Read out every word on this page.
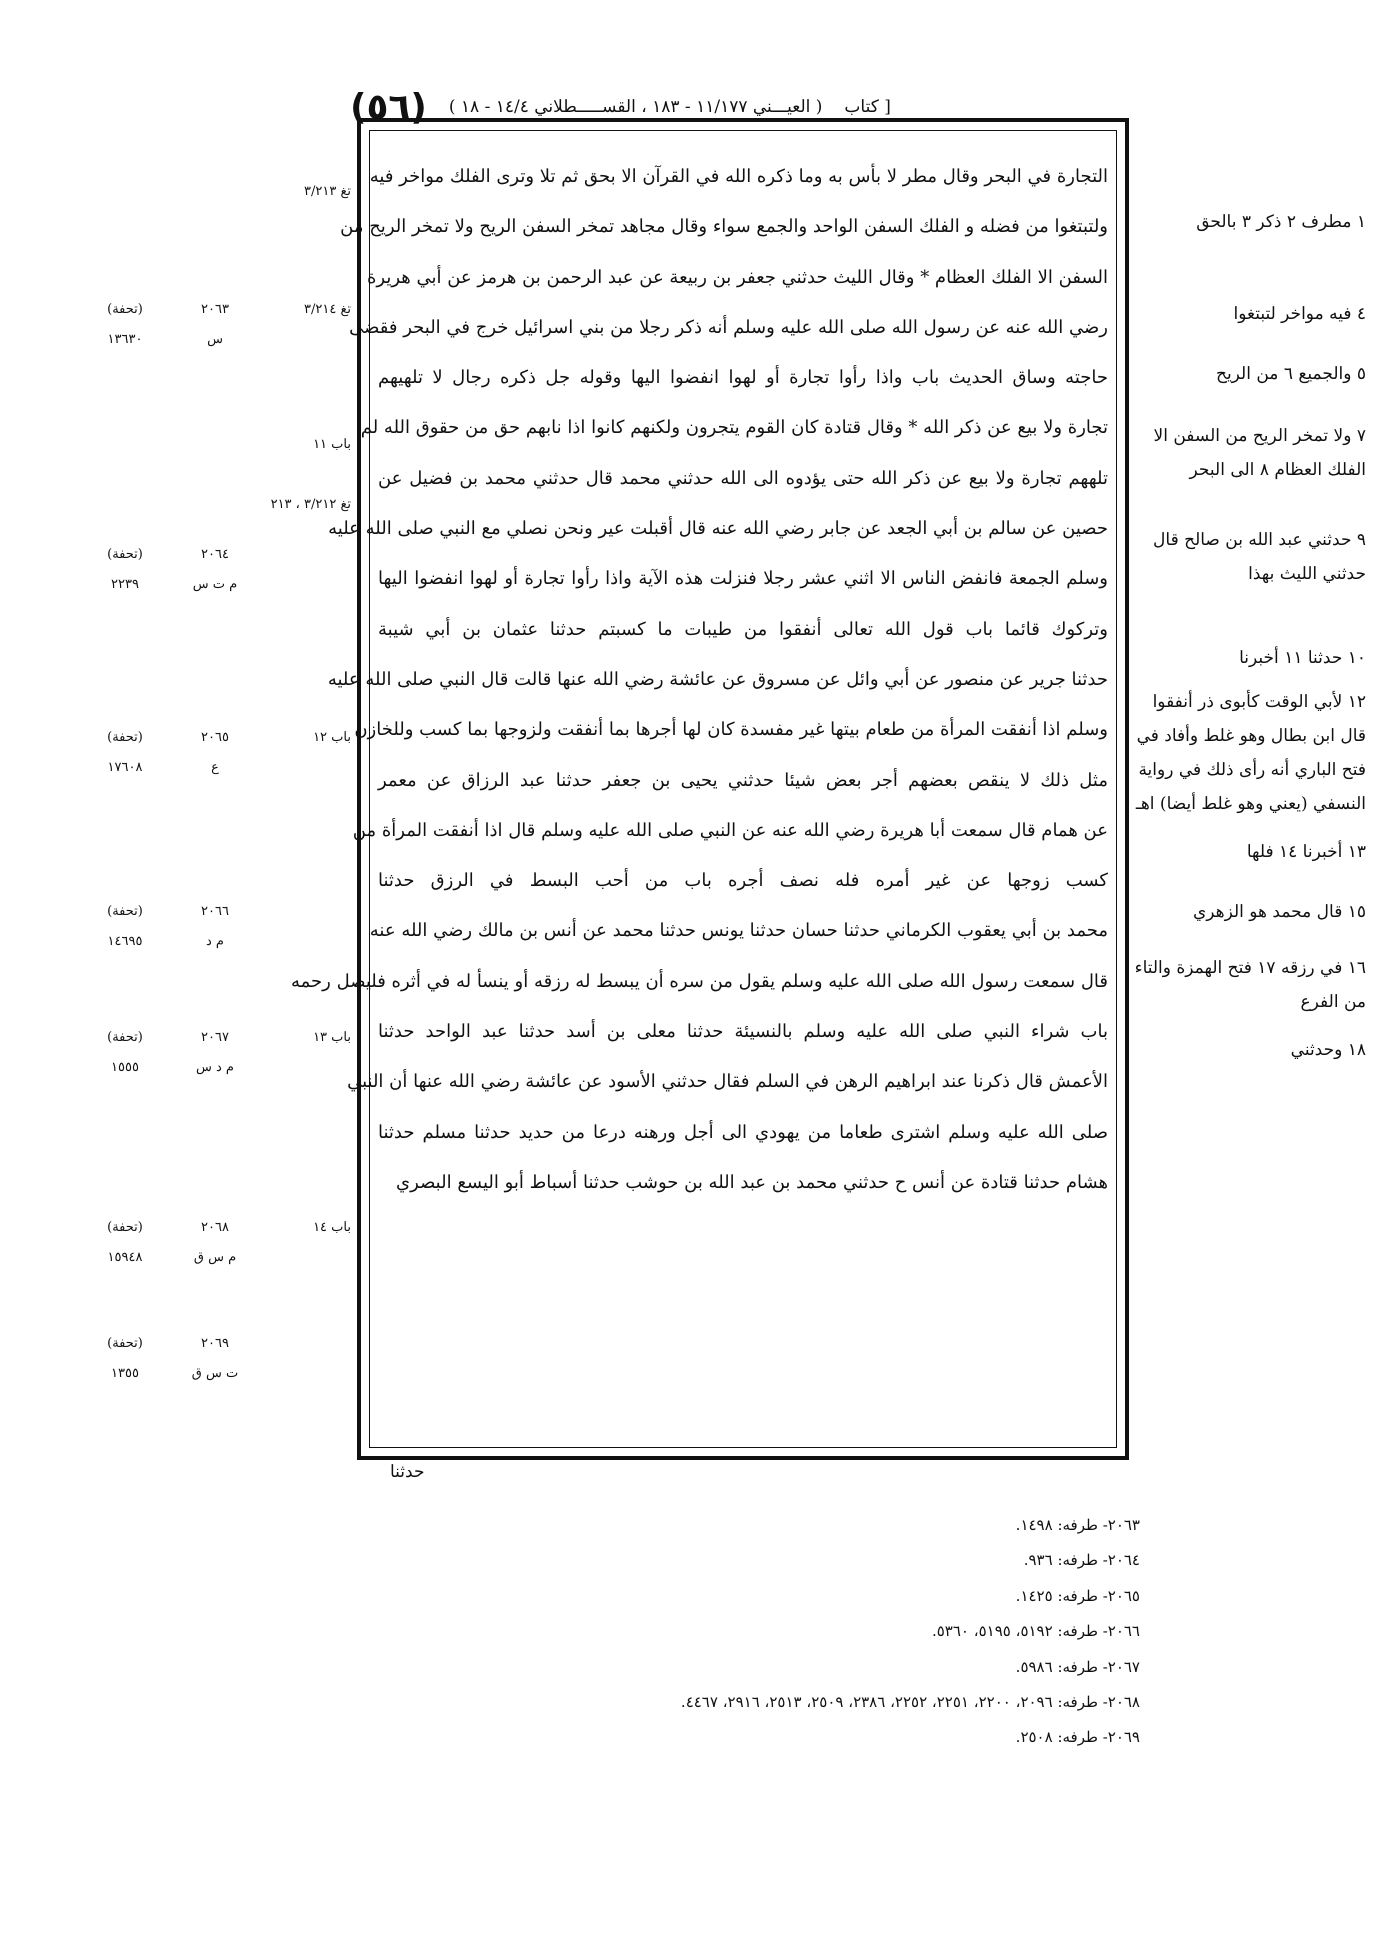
(٥٦) ( العيـــني ١١/١٧٧ - ١٨٣ ، القســـــطلاني ١٤/٤ - ١٨ ) [ كتاب
التجارة في البحر وقال مطر لا بأس به وما ذكره الله في القرآن الا بحق ثم تلا وترى الفلك مواخر فيه
ولتبتغوا من فضله و الفلك السفن الواحد والجمع سواء وقال مجاهد تمخر السفن الريح ولا تمخر الريح من
السفن الا الفلك العظام * وقال الليث حدثني جعفر بن ربيعة عن عبد الرحمن بن هرمز عن أبي هريرة
رضي الله عنه عن رسول الله صلى الله عليه وسلم أنه ذكر رجلا من بني اسرائيل خرج في البحر فقضى
حاجته وساق الحديث باب واذا رأوا تجارة أو لهوا انفضوا اليها وقوله جل ذكره رجال لا تلهيهم
تجارة ولا بيع عن ذكر الله * وقال قتادة كان القوم يتجرون ولكنهم كانوا اذا نابهم حق من حقوق الله لم
تلههم تجارة ولا بيع عن ذكر الله حتى يؤدوه الى الله حدثني محمد قال حدثني محمد بن فضيل عن
حصين عن سالم بن أبي الجعد عن جابر رضي الله عنه قال أقبلت عير ونحن نصلي مع النبي صلى الله عليه
وسلم الجمعة فانفض الناس الا اثني عشر رجلا فنزلت هذه الآية واذا رأوا تجارة أو لهوا انفضوا اليها
وتركوك قائما باب قول الله تعالى أنفقوا من طيبات ما كسبتم حدثنا عثمان بن أبي شيبة
حدثنا جرير عن منصور عن أبي وائل عن مسروق عن عائشة رضي الله عنها قالت قال النبي صلى الله عليه
وسلم اذا أنفقت المرأة من طعام بيتها غير مفسدة كان لها أجرها بما أنفقت ولزوجها بما كسب وللخازن
مثل ذلك لا ينقص بعضهم أجر بعض شيئا حدثني يحيى بن جعفر حدثنا عبد الرزاق عن معمر
عن همام قال سمعت أبا هريرة رضي الله عنه عن النبي صلى الله عليه وسلم قال اذا أنفقت المرأة من
كسب زوجها عن غير أمره فله نصف أجره باب من أحب البسط في الرزق حدثنا
محمد بن أبي يعقوب الكرماني حدثنا حسان حدثنا يونس حدثنا محمد عن أنس بن مالك رضي الله عنه
قال سمعت رسول الله صلى الله عليه وسلم يقول من سره أن يبسط له رزقه أو ينسأ له في أثره فليصل رحمه
باب شراء النبي صلى الله عليه وسلم بالنسيئة حدثنا معلى بن أسد حدثنا عبد الواحد حدثنا
الأعمش قال ذكرنا عند ابراهيم الرهن في السلم فقال حدثني الأسود عن عائشة رضي الله عنها أن النبي
صلى الله عليه وسلم اشترى طعاما من يهودي الى أجل ورهنه درعا من حديد حدثنا مسلم حدثنا
هشام حدثنا قتادة عن أنس ح حدثني محمد بن عبد الله بن حوشب حدثنا أسباط أبو اليسع البصري
حدثنا
١ مطرف ٢ ذكر ٣ بالحق
٤ فيه مواخر لتبتغوا
٥ والجميع ٦ من الريح
٧ ولا تمخر الريح من السفن الا الفلك العظام ٨ الى البحر
٩ حدثني عبد الله بن صالح قال حدثني الليث بهذا
١٠ حدثنا ١١ أخبرنا
١٢ لأبي الوقت كأبوى ذر أنفقوا قال ابن بطال وهو غلط وأفاد في فتح الباري أنه رأى ذلك في رواية النسفي (يعني وهو غلط أيضا) اهـ
١٣ أخبرنا ١٤ فلها
١٥ قال محمد هو الزهري
١٦ في رزقه ١٧ فتح الهمزة والتاء من الفرع
١٨ وحدثني
تغ ٣/٢١٣
تغ ٣/٢١٤
٢٠٦٣
(تحفة)
س
١٣٦٣٠
باب ١١
تغ ٣/٢١٢ ، ٢١٣
٢٠٦٤
(تحفة)
م ت س
٢٢٣٩
باب ١٢
٢٠٦٥
(تحفة)
ع
١٧٦٠٨
٢٠٦٦
(تحفة)
م د
١٤٦٩٥
باب ١٣
٢٠٦٧
(تحفة)
م د س
١٥٥٥
باب ١٤
٢٠٦٨
(تحفة)
م س ق
١٥٩٤٨
٢٠٦٩
(تحفة)
ت س ق
١٣٥٥
٢٠٦٣- طرفه: ١٤٩٨.
٢٠٦٤- طرفه: ٩٣٦.
٢٠٦٥- طرفه: ١٤٢٥.
٢٠٦٦- طرفه: ٥١٩٢، ٥١٩٥، ٥٣٦٠.
٢٠٦٧- طرفه: ٥٩٨٦.
٢٠٦٨- طرفه: ٢٠٩٦، ٢٢٠٠، ٢٢٥١، ٢٢٥٢، ٢٣٨٦، ٢٥٠٩، ٢٥١٣، ٢٩١٦، ٤٤٦٧.
٢٠٦٩- طرفه: ٢٥٠٨.
